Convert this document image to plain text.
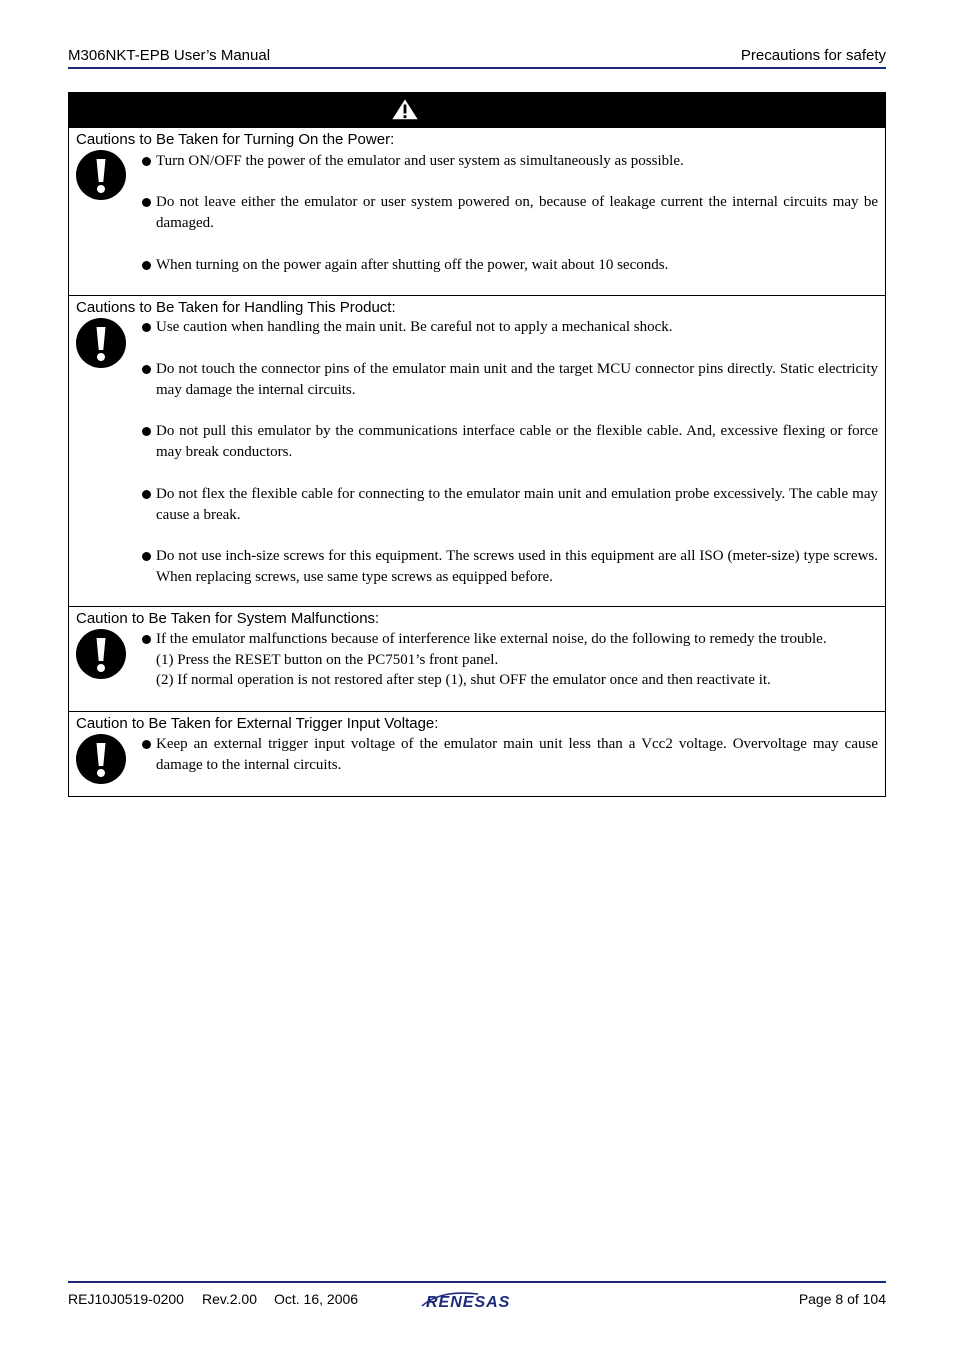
M306NKT-EPB User’s Manual	Precautions for safety
Cautions to Be Taken for Turning On the Power:
Turn ON/OFF the power of the emulator and user system as simultaneously as possible.
Do not leave either the emulator or user system powered on, because of leakage current the internal circuits may be damaged.
When turning on the power again after shutting off the power, wait about 10 seconds.
Cautions to Be Taken for Handling This Product:
Use caution when handling the main unit. Be careful not to apply a mechanical shock.
Do not touch the connector pins of the emulator main unit and the target MCU connector pins directly. Static electricity may damage the internal circuits.
Do not pull this emulator by the communications interface cable or the flexible cable. And, excessive flexing or force may break conductors.
Do not flex the flexible cable for connecting to the emulator main unit and emulation probe excessively. The cable may cause a break.
Do not use inch-size screws for this equipment. The screws used in this equipment are all ISO (meter-size) type screws. When replacing screws, use same type screws as equipped before.
Caution to Be Taken for System Malfunctions:
If the emulator malfunctions because of interference like external noise, do the following to remedy the trouble.
(1) Press the RESET button on the PC7501’s front panel.
(2) If normal operation is not restored after step (1), shut OFF the emulator once and then reactivate it.
Caution to Be Taken for External Trigger Input Voltage:
Keep an external trigger input voltage of the emulator main unit less than a Vcc2 voltage. Overvoltage may cause damage to the internal circuits.
REJ10J0519-0200 Rev.2.00 Oct. 16, 2006	RENESAS	Page 8 of 104
